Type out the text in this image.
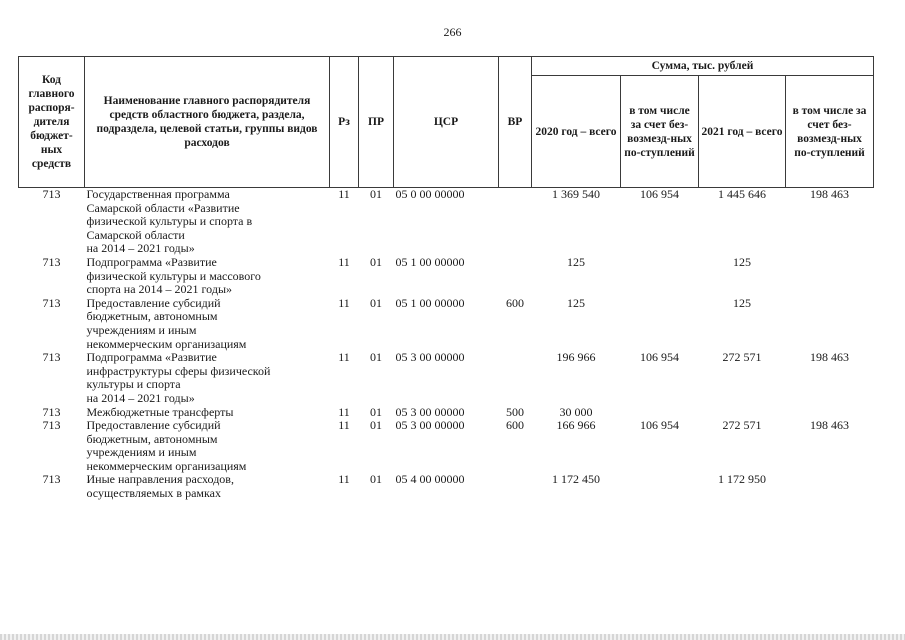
266
Код главного распоря-дителя бюджет-ных средств	Наименование главного распорядителя средств областного бюджета, раздела, подраздела, целевой статьи, группы видов расходов	Рз	ПР	ЦСР	ВР	Сумма, тыс. рублей			
						2020 год – всего	в том числе за счет без-возмезд-ных по-ступлений	2021 год – всего	в том числе за счет без-возмезд-ных по-ступлений
713	Государственная программа
Самарской области «Развитие
физической культуры и спорта в
Самарской области
на 2014 – 2021 годы»	11	01	05 0 00 00000		1 369 540	106 954	1 445 646	198 463
713	Подпрограмма «Развитие
физической культуры и массового
спорта на 2014 – 2021 годы»	11	01	05 1 00 00000		125		125	
713	Предоставление субсидий
бюджетным, автономным
учреждениям и иным
некоммерческим организациям	11	01	05 1 00 00000	600	125		125	
713	Подпрограмма «Развитие
инфраструктуры сферы физической
культуры и спорта
на 2014 – 2021 годы»	11	01	05 3 00 00000		196 966	106 954	272 571	198 463
713	Межбюджетные трансферты	11	01	05 3 00 00000	500	30 000			
713	Предоставление субсидий
бюджетным, автономным
учреждениям и иным
некоммерческим организациям	11	01	05 3 00 00000	600	166 966	106 954	272 571	198 463
713	Иные направления расходов,
осуществляемых в рамках	11	01	05 4 00 00000		1 172 450		1 172 950	
